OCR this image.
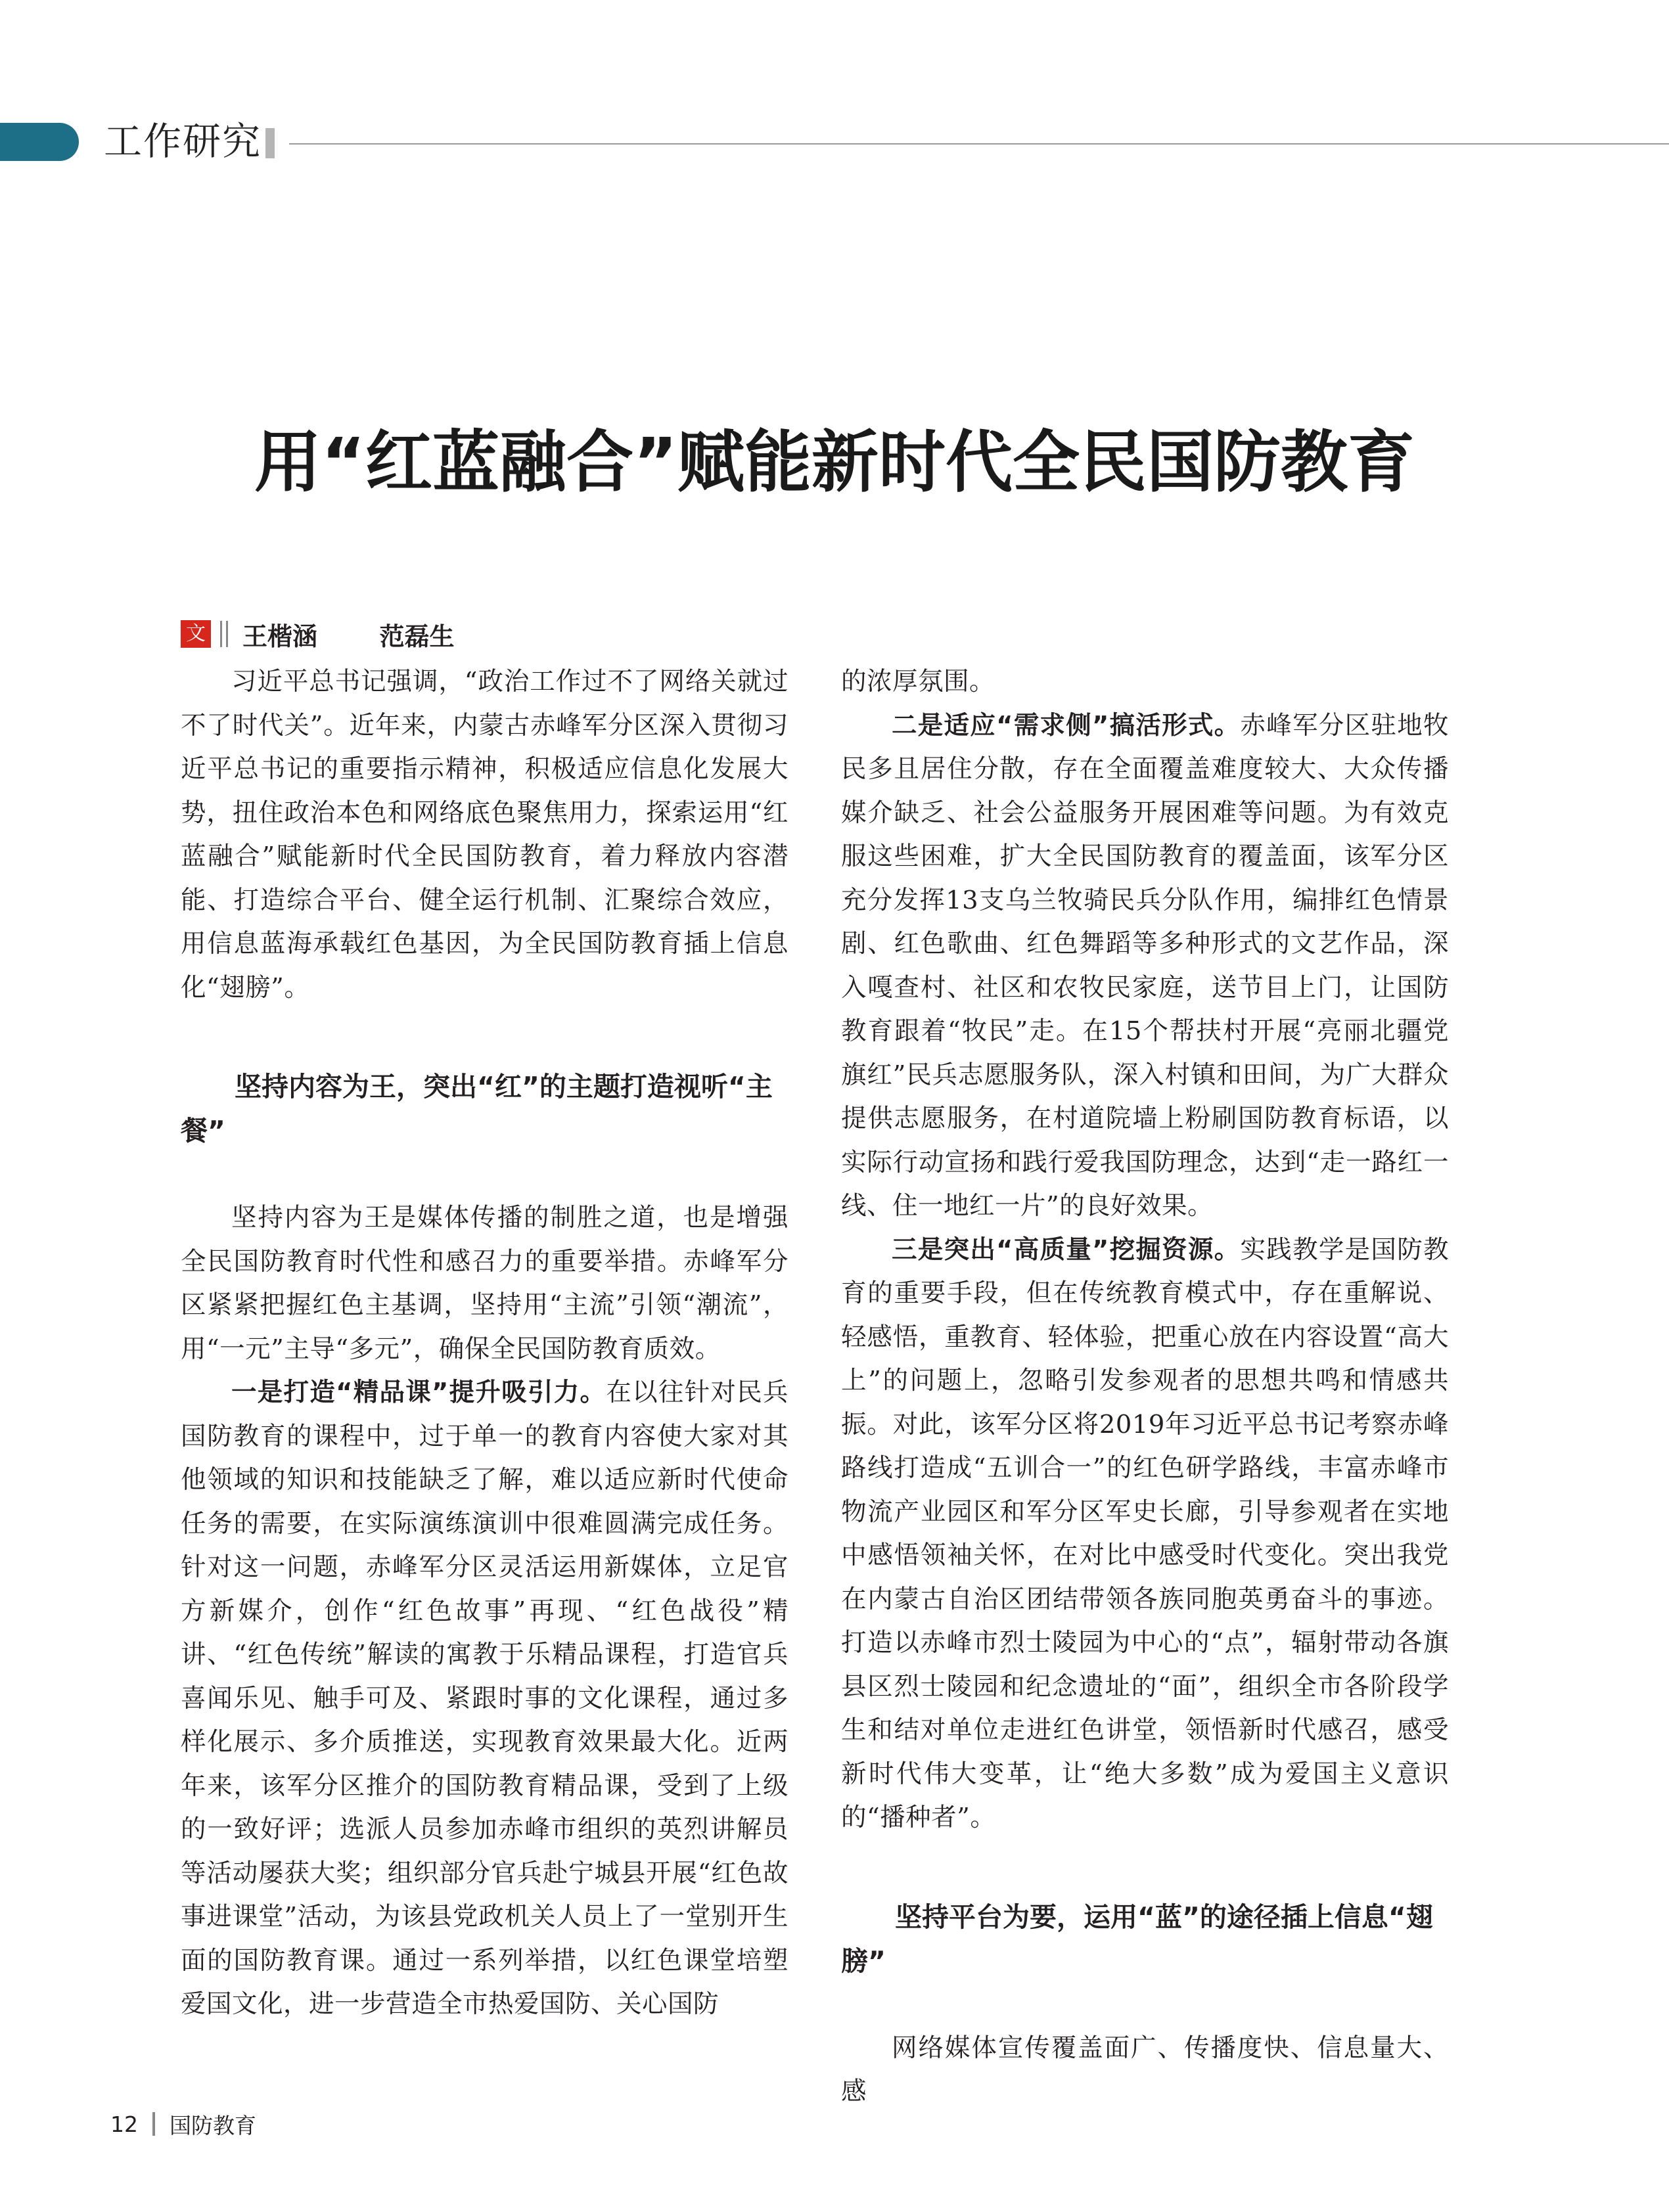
工作研究
用“红蓝融合”赋能新时代全民国防教育
文 王楷涵  范磊生

习近平总书记强调，“政治工作过不了网络关就过不了时代关”。近年来，内蒙古赤峰军分区深入贯彻习近平总书记的重要指示精神，积极适应信息化发展大势，扭住政治本色和网络底色聚焦用力，探索运用“红蓝融合”赋能新时代全民国防教育，着力释放内容潜能、打造综合平台、健全运行机制、汇聚综合效应，用信息蓝海承载红色基因，为全民国防教育插上信息化“翅膀”。

坚持内容为王，突出“红”的主题打造视听“主餐”

坚持内容为王是媒体传播的制胜之道，也是增强全民国防教育时代性和感召力的重要举措。赤峰军分区紧紧把握红色主基调，坚持用“主流”引领“潮流”，用“一元”主导“多元”，确保全民国防教育质效。

一是打造“精品课”提升吸引力。在以往针对民兵国防教育的课程中，过于单一的教育内容使大家对其他领域的知识和技能缺乏了解，难以适应新时代使命任务的需要，在实际演练演训中很难圆满完成任务。针对这一问题，赤峰军分区灵活运用新媒体，立足官方新媒介，创作“红色故事”再现、“红色战役”精讲、“红色传统”解读的寓教于乐精品课程，打造官兵喜闻乐见、触手可及、紧跟时事的文化课程，通过多样化展示、多介质推送，实现教育效果最大化。近两年来，该军分区推介的国防教育精品课，受到了上级的一致好评；选派人员参加赤峰市组织的英烈讲解员等活动屡获大奖；组织部分官兵赴宁城县开展“红色故事进课堂”活动，为该县党政机关人员上了一堂别开生面的国防教育课。通过一系列举措，以红色课堂培塑爱国文化，进一步营造全市热爱国防、关心国防

的浓厚氛围。

二是适应“需求侧”搞活形式。赤峰军分区驻地牧民多且居住分散，存在全面覆盖难度较大、大众传播媒介缺乏、社会公益服务开展困难等问题。为有效克服这些困难，扩大全民国防教育的覆盖面，该军分区充分发挥13支乌兰牧骑民兵分队作用，编排红色情景剧、红色歌曲、红色舞蹈等多种形式的文艺作品，深入嘎查村、社区和农牧民家庭，送节目上门，让国防教育跟着“牧民”走。在15个帮扶村开展“亮丽北疆党旗红”民兵志愿服务队，深入村镇和田间，为广大群众提供志愿服务，在村道院墙上粉刷国防教育标语，以实际行动宣扬和践行爱我国防理念，达到“走一路红一线、住一地红一片”的良好效果。

三是突出“高质量”挖掘资源。实践教学是国防教育的重要手段，但在传统教育模式中，存在重解说、轻感悟，重教育、轻体验，把重心放在内容设置“高大上”的问题上，忽略引发参观者的思想共鸣和情感共振。对此，该军分区将2019年习近平总书记考察赤峰路线打造成“五训合一”的红色研学路线，丰富赤峰市物流产业园区和军分区军史长廊，引导参观者在实地中感悟领袖关怀，在对比中感受时代变化。突出我党在内蒙古自治区团结带领各族同胞英勇奋斗的事迹。打造以赤峰市烈士陵园为中心的“点”，辐射带动各旗县区烈士陵园和纪念遗址的“面”，组织全市各阶段学生和结对单位走进红色讲堂，领悟新时代感召，感受新时代伟大变革，让“绝大多数”成为爱国主义意识的“播种者”。

坚持平台为要，运用“蓝”的途径插上信息“翅膀”

网络媒体宣传覆盖面广、传播度快、信息量大、感

12 国防教育
